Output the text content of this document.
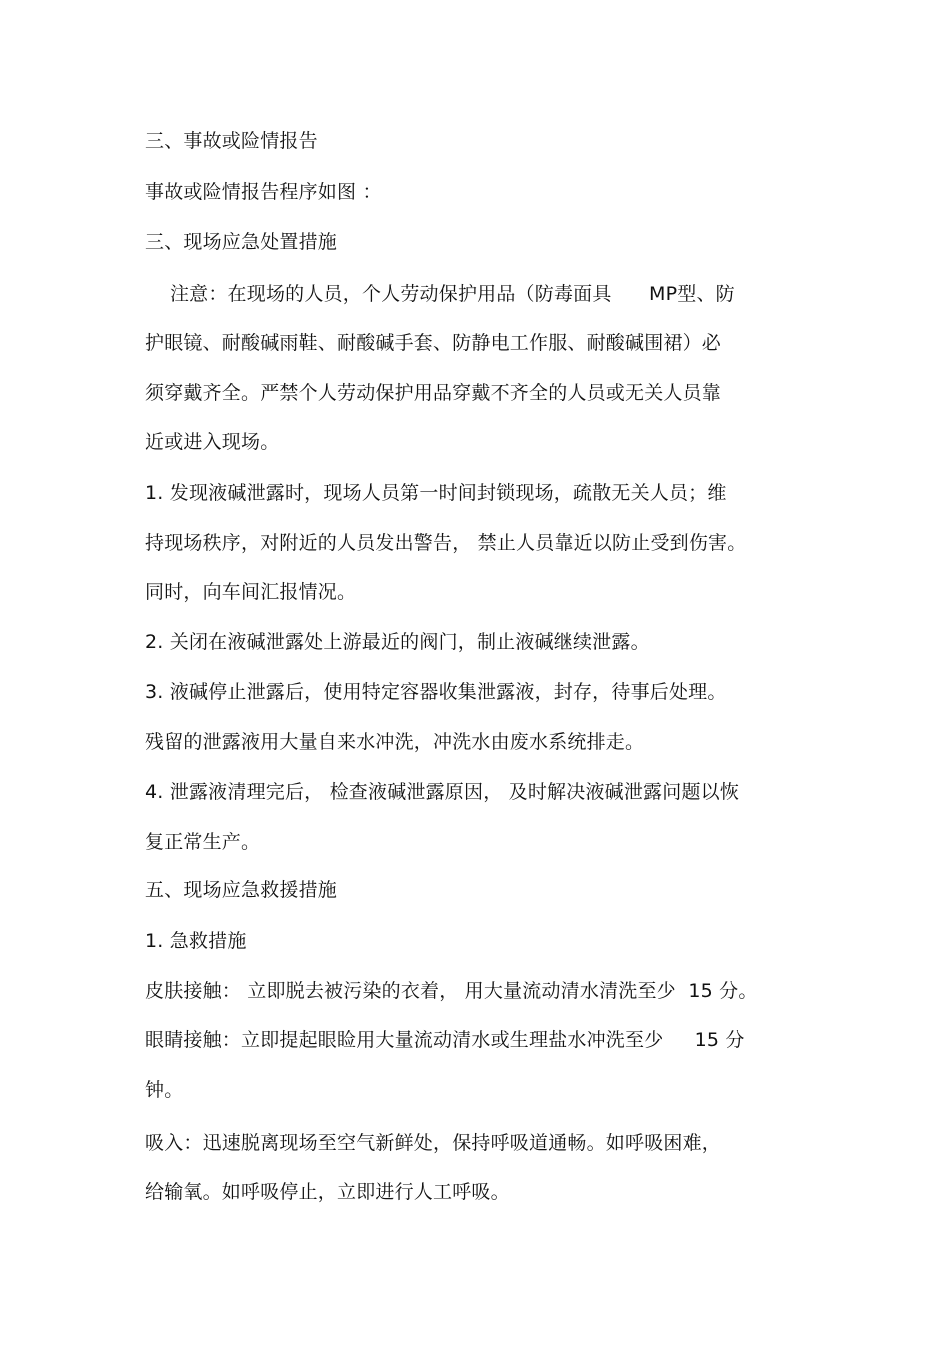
三、事故或险情报告
事故或险情报告程序如图 ：
三、现场应急处置措施
注意：在现场的人员，个人劳动保护用品（防毒面具      MP型、防
护眼镜、耐酸碱雨鞋、耐酸碱手套、防静电工作服、耐酸碱围裙）必
须穿戴齐全。严禁个人劳动保护用品穿戴不齐全的人员或无关人员靠
近或进入现场。
1. 发现液碱泄露时，现场人员第一时间封锁现场，疏散无关人员；维
持现场秩序，对附近的人员发出警告， 禁止人员靠近以防止受到伤害。
同时，向车间汇报情况。
2. 关闭在液碱泄露处上游最近的阀门，制止液碱继续泄露。
3. 液碱停止泄露后，使用特定容器收集泄露液，封存，待事后处理。
残留的泄露液用大量自来水冲洗，冲洗水由废水系统排走。
4. 泄露液清理完后， 检查液碱泄露原因， 及时解决液碱泄露问题以恢
复正常生产。
五、现场应急救援措施
1. 急救措施
皮肤接触： 立即脱去被污染的衣着， 用大量流动清水清洗至少  15 分。
眼睛接触：立即提起眼睑用大量流动清水或生理盐水冲洗至少     15 分
钟。
吸入：迅速脱离现场至空气新鲜处，保持呼吸道通畅。如呼吸困难，
给输氧。如呼吸停止，立即进行人工呼吸。
